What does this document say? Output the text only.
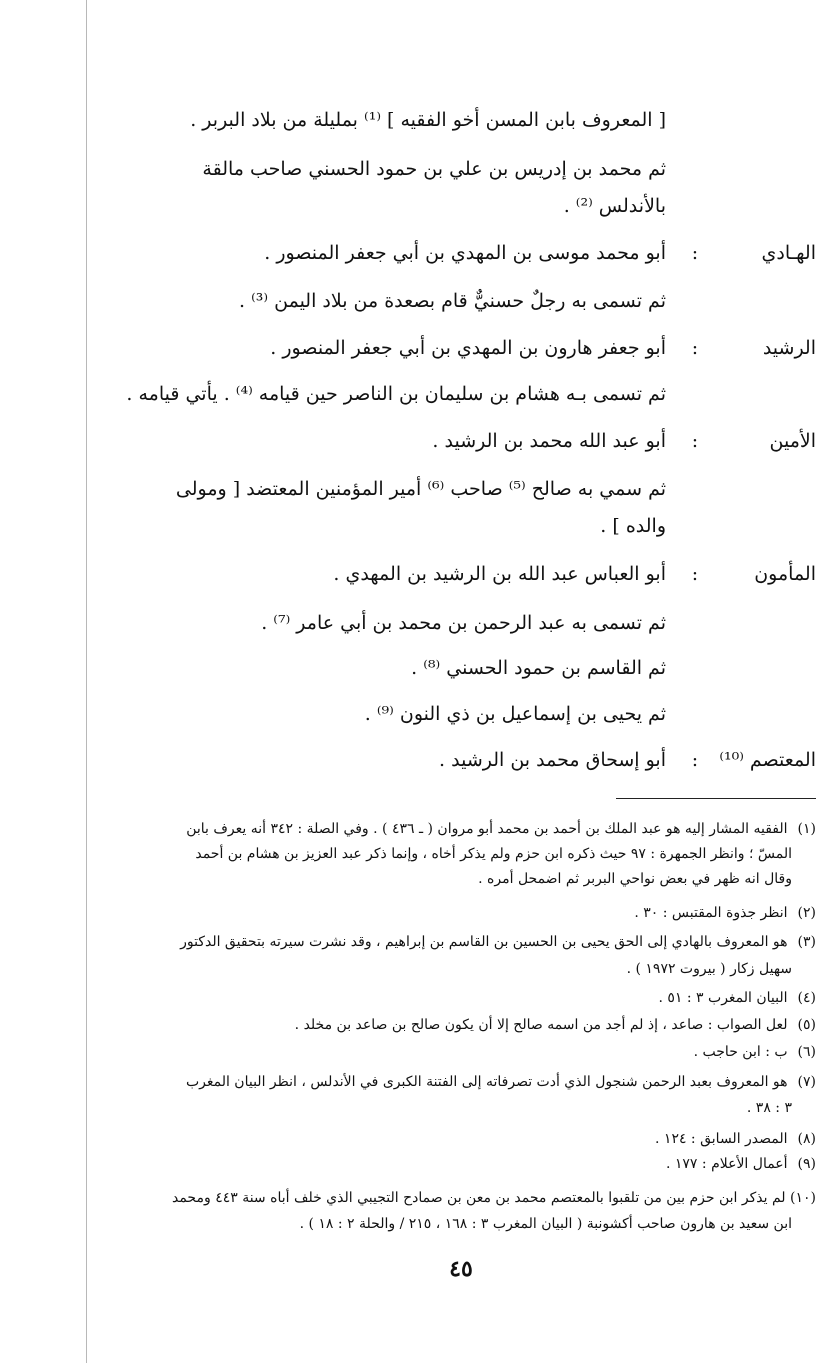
[ المعروف بابن المسن أخو الفقيه ] ⁽¹⁾ بمليلة من بلاد البربر .
ثم محمد بن إدريس بن علي بن حمود الحسني صاحب مالقة
بالأندلس ⁽²⁾ .
الهـادي
:
أبو محمد موسى بن المهدي بن أبي جعفر المنصور .
ثم تسمى به رجلٌ حسنيٌّ قام بصعدة من بلاد اليمن ⁽³⁾ .
الرشيد
:
أبو جعفر هارون بن المهدي بن أبي جعفر المنصور .
ثم تسمى بـه هشام بن سليمان بن الناصر حين قيامه ⁽⁴⁾ . يأتي قيامه .
الأمين
:
أبو عبد الله محمد بن الرشيد .
ثم سمي به صالح ⁽⁵⁾ صاحب ⁽⁶⁾ أمير المؤمنين المعتضد [ ومولى
والده ] .
المأمون
:
أبو العباس عبد الله بن الرشيد بن المهدي .
ثم تسمى به عبد الرحمن بن محمد بن أبي عامر ⁽⁷⁾ .
ثم القاسم بن حمود الحسني ⁽⁸⁾ .
ثم يحيى بن إسماعيل بن ذي النون ⁽⁹⁾ .
المعتصم ⁽¹⁰⁾
:
أبو إسحاق محمد بن الرشيد .
(١) الفقيه المشار إليه هو عبد الملك بن أحمد بن محمد أبو مروان ( ـ ٤٣٦ ) . وفي الصلة : ٣٤٢ أنه يعرف بابن
المسّ ؛ وانظر الجمهرة : ٩٧ حيث ذكره ابن حزم ولم يذكر أخاه ، وإنما ذكر عبد العزيز بن هشام بن أحمد
وقال انه ظهر في بعض نواحي البربر ثم اضمحل أمره .
(٢) انظر جذوة المقتبس : ٣٠ .
(٣) هو المعروف بالهادي إلى الحق يحيى بن الحسين بن القاسم بن إبراهيم ، وقد نشرت سيرته بتحقيق الدكتور
سهيل زكار ( بيروت ١٩٧٢ ) .
(٤) البيان المغرب ٣ : ٥١ .
(٥) لعل الصواب : صاعد ، إذ لم أجد من اسمه صالح إلا أن يكون صالح بن صاعد بن مخلد .
(٦) ب : ابن حاجب .
(٧) هو المعروف بعبد الرحمن شنجول الذي أدت تصرفاته إلى الفتنة الكبرى في الأندلس ، انظر البيان المغرب
٣ : ٣٨ .
(٨) المصدر السابق : ١٢٤ .
(٩) أعمال الأعلام : ١٧٧ .
(١٠) لم يذكر ابن حزم بين من تلقبوا بالمعتصم محمد بن معن بن صمادح التجيبي الذي خلف أباه سنة ٤٤٣ ومحمد
ابن سعيد بن هارون صاحب أكشونبة ( البيان المغرب ٣ : ١٦٨ ، ٢١٥ / والحلة ٢ : ١٨ ) .
٤٥
